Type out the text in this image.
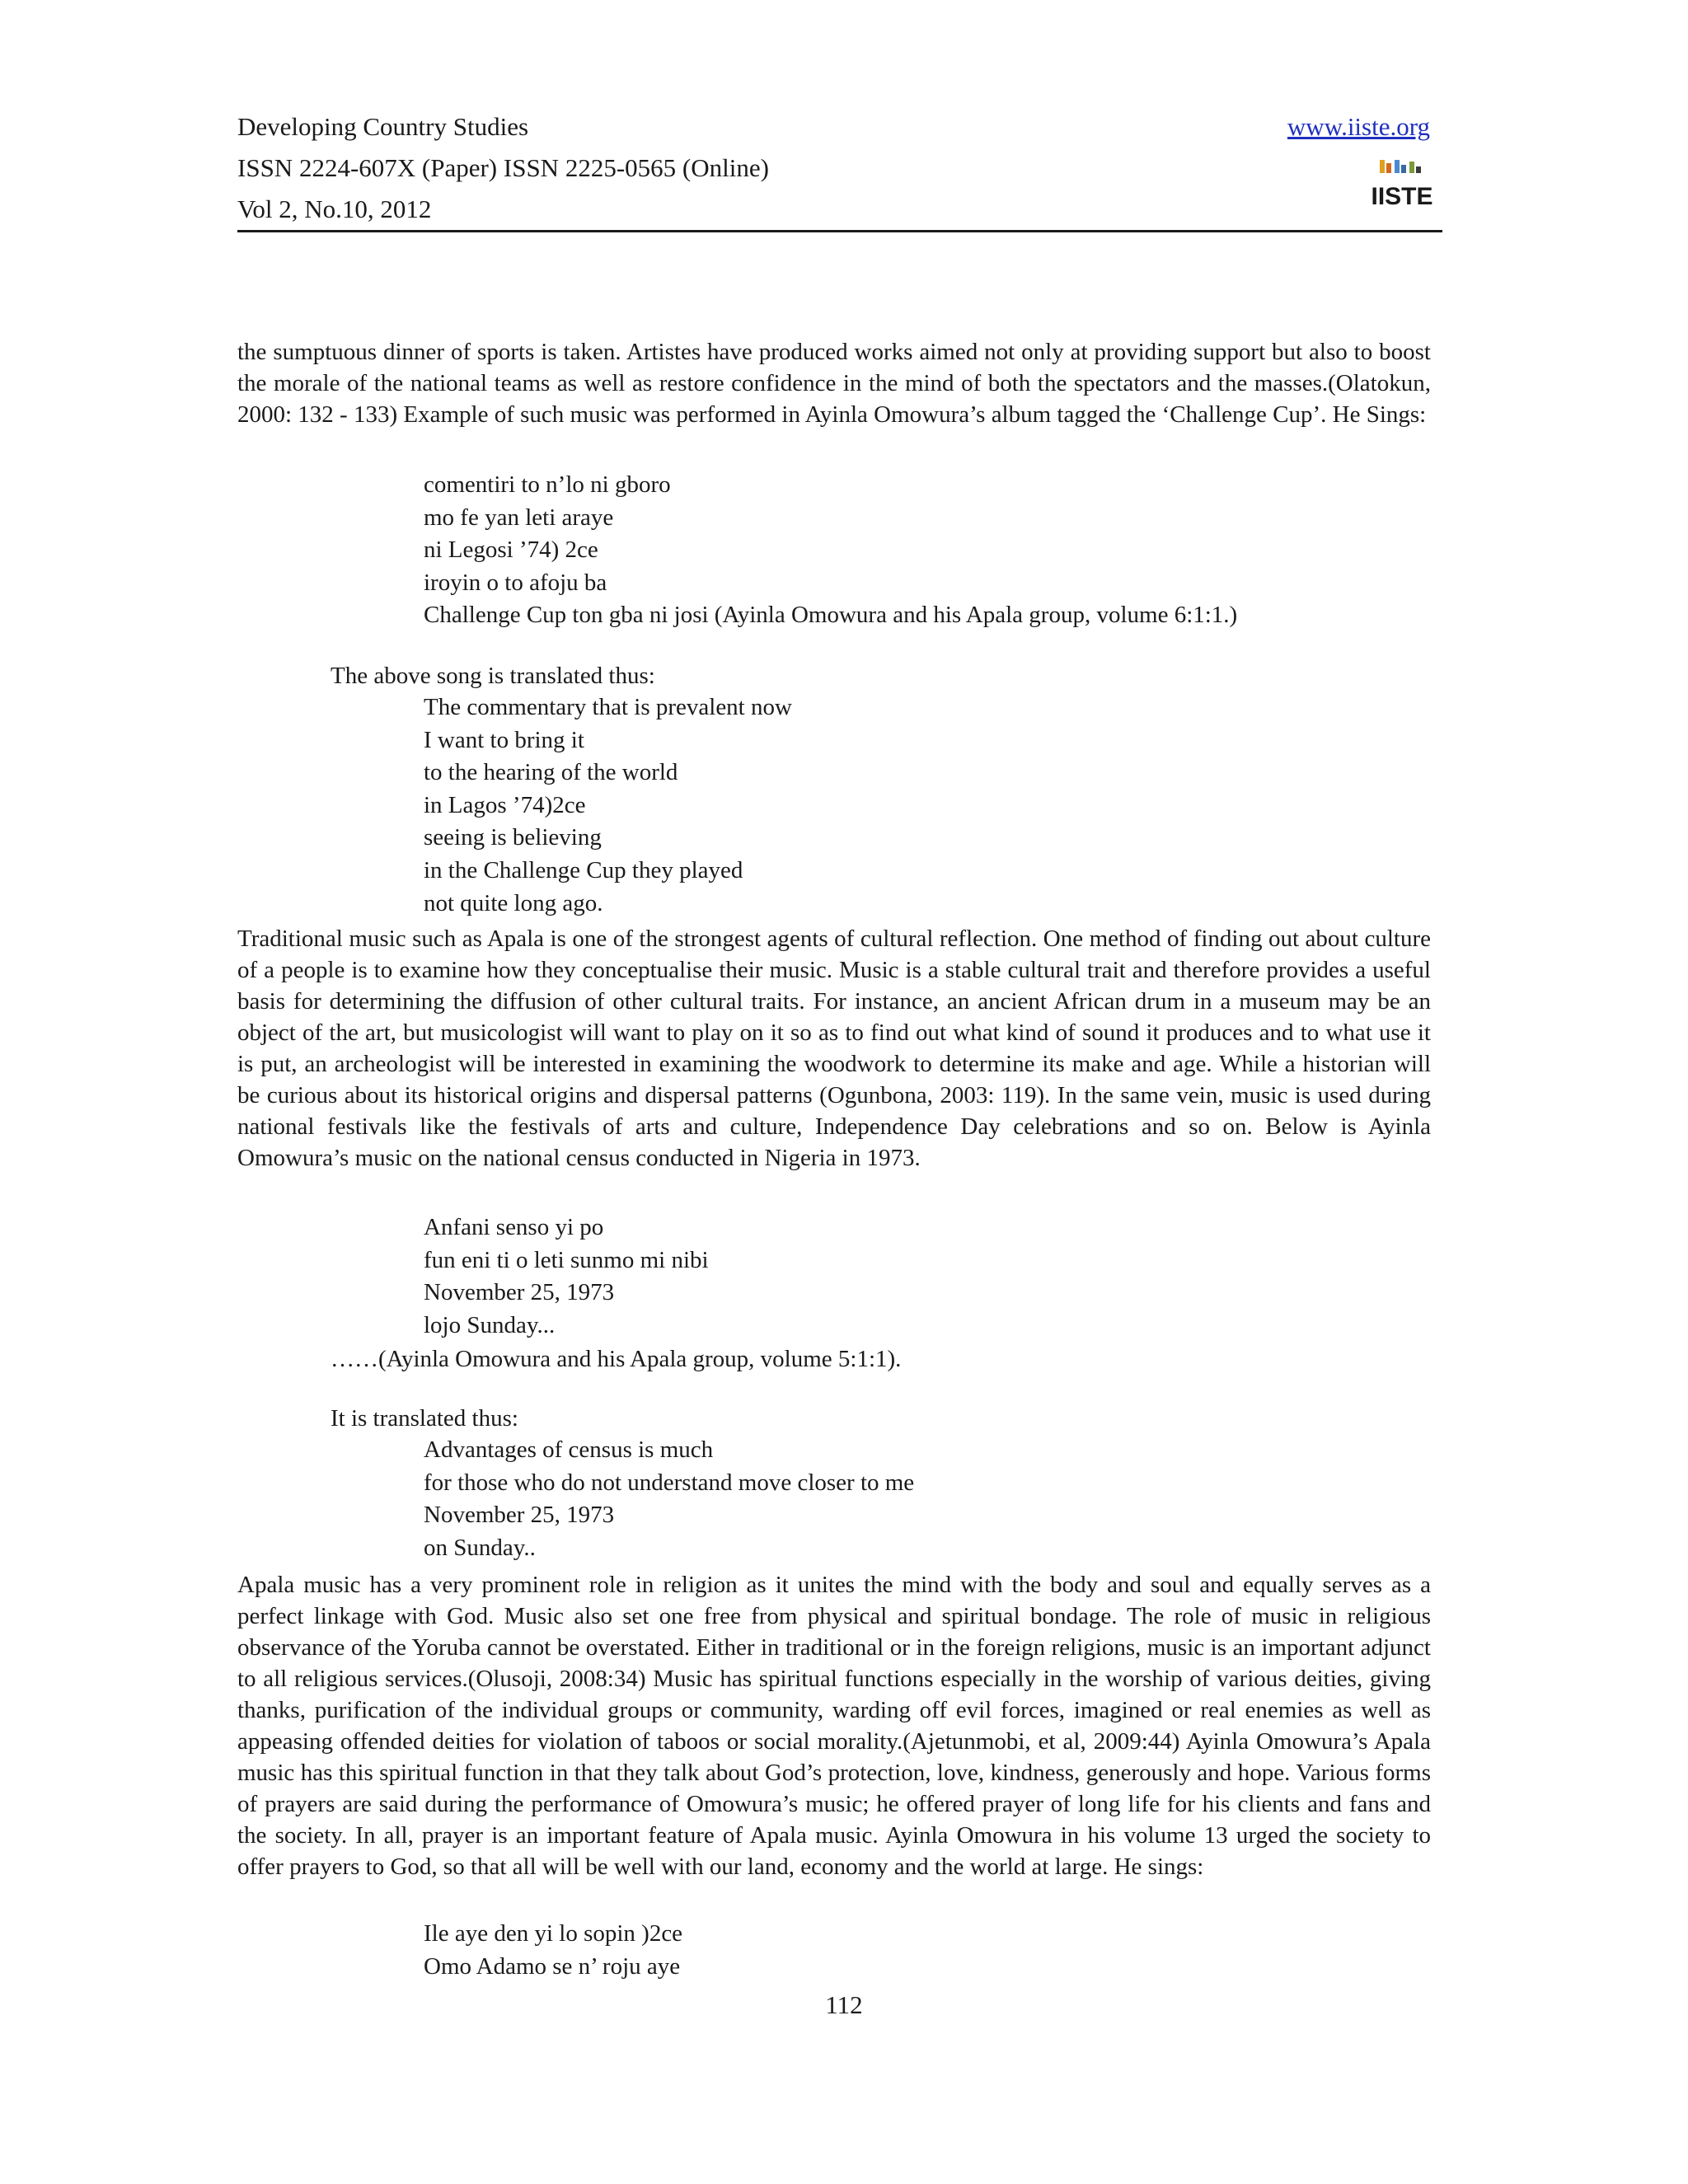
Developing Country Studies
ISSN 2224-607X (Paper) ISSN 2225-0565 (Online)
Vol 2, No.10, 2012
www.iiste.org
IISTE
the sumptuous dinner of sports is taken. Artistes have produced works aimed not only at providing support but also to boost the morale of the national teams as well as restore confidence in the mind of both the spectators and the masses.(Olatokun, 2000: 132 - 133) Example of such music was performed in Ayinla Omowura’s album tagged the ‘Challenge Cup’. He Sings:
comentiri to n’lo ni gboro
mo fe yan leti araye
ni Legosi ’74) 2ce
iroyin o to afoju ba
Challenge Cup ton gba ni josi (Ayinla Omowura and his Apala group, volume 6:1:1.)
The above song is translated thus:
The commentary that is prevalent now
I want to bring it
to the hearing of the world
in Lagos ’74)2ce
seeing is believing
in the Challenge Cup they played
not quite long ago.
Traditional music such as Apala is one of the strongest agents of cultural reflection. One method of finding out about culture of a people is to examine how they conceptualise their music. Music is a stable cultural trait and therefore provides a useful basis for determining the diffusion of other cultural traits. For instance, an ancient African drum in a museum may be an object of the art, but musicologist will want to play on it so as to find out what kind of sound it produces and to what use it is put, an archeologist will be interested in examining the woodwork to determine its make and age. While a historian will be curious about its historical origins and dispersal patterns (Ogunbona, 2003: 119). In the same vein, music is used during national festivals like the festivals of arts and culture, Independence Day celebrations and so on. Below is Ayinla Omowura’s music on the national census conducted in Nigeria in 1973.
Anfani senso yi po
fun eni ti o leti sunmo mi nibi
November 25, 1973
lojo Sunday...
……(Ayinla Omowura and his Apala group, volume 5:1:1).
It is translated thus:
Advantages of census is much
for those who do not understand move closer to me
November 25, 1973
on Sunday..
Apala music has a very prominent role in religion as it unites the mind with the body and soul and equally serves as a perfect linkage with God. Music also set one free from physical and spiritual bondage. The role of music in religious observance of the Yoruba cannot be overstated. Either in traditional or in the foreign religions, music is an important adjunct to all religious services.(Olusoji, 2008:34) Music has spiritual functions especially in the worship of various deities, giving thanks, purification of the individual groups or community, warding off evil forces, imagined or real enemies as well as appeasing offended deities for violation of taboos or social morality.(Ajetunmobi, et al, 2009:44) Ayinla Omowura’s Apala music has this spiritual function in that they talk about God’s protection, love, kindness, generously and hope. Various forms of prayers are said during the performance of Omowura’s music; he offered prayer of long life for his clients and fans and the society. In all, prayer is an important feature of Apala music. Ayinla Omowura in his volume 13 urged the society to offer prayers to God, so that all will be well with our land, economy and the world at large. He sings:
Ile aye den yi lo sopin )2ce
Omo Adamo se n’ roju aye
112
